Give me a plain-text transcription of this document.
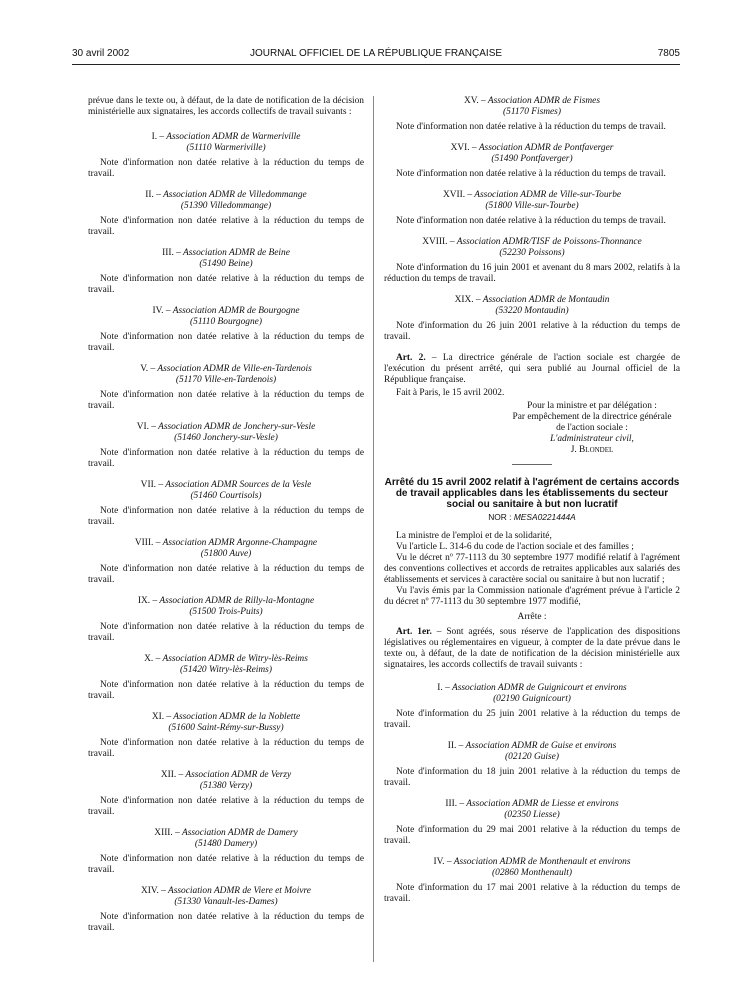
30 avril 2002	JOURNAL OFFICIEL DE LA RÉPUBLIQUE FRANÇAISE	7805

prévue dans le texte ou, à défaut, de la date de notification de la décision ministérielle aux signataires, les accords collectifs de travail suivants :

I. – Association ADMR de Warmeriville

(51110 Warmeriville)

Note d'information non datée relative à la réduction du temps de travail.

II. – Association ADMR de Villedommange

(51390 Villedommange)

Note d'information non datée relative à la réduction du temps de travail.

III. – Association ADMR de Beine

(51490 Beine)

Note d'information non datée relative à la réduction du temps de travail.

IV. – Association ADMR de Bourgogne

(51110 Bourgogne)

Note d'information non datée relative à la réduction du temps de travail.

V. – Association ADMR de Ville-en-Tardenois

(51170 Ville-en-Tardenois)

Note d'information non datée relative à la réduction du temps de travail.

VI. – Association ADMR de Jonchery-sur-Vesle

(51460 Jonchery-sur-Vesle)

Note d'information non datée relative à la réduction du temps de travail.

VII. – Association ADMR Sources de la Vesle

(51460 Courtisols)

Note d'information non datée relative à la réduction du temps de travail.

VIII. – Association ADMR Argonne-Champagne

(51800 Auve)

Note d'information non datée relative à la réduction du temps de travail.

IX. – Association ADMR de Rilly-la-Montagne

(51500 Trois-Puits)

Note d'information non datée relative à la réduction du temps de travail.

X. – Association ADMR de Witry-lès-Reims

(51420 Witry-lès-Reims)

Note d'information non datée relative à la réduction du temps de travail.

XI. – Association ADMR de la Noblette

(51600 Saint-Rémy-sur-Bussy)

Note d'information non datée relative à la réduction du temps de travail.

XII. – Association ADMR de Verzy

(51380 Verzy)

Note d'information non datée relative à la réduction du temps de travail.

XIII. – Association ADMR de Damery

(51480 Damery)

Note d'information non datée relative à la réduction du temps de travail.

XIV. – Association ADMR de Viere et Moivre

(51330 Vanault-les-Dames)

Note d'information non datée relative à la réduction du temps de travail.

XV. – Association ADMR de Fismes

(51170 Fismes)

Note d'information non datée relative à la réduction du temps de travail.

XVI. – Association ADMR de Pontfaverger

(51490 Pontfaverger)

Note d'information non datée relative à la réduction du temps de travail.

XVII. – Association ADMR de Ville-sur-Tourbe

(51800 Ville-sur-Tourbe)

Note d'information non datée relative à la réduction du temps de travail.

XVIII. – Association ADMR/TISF de Poissons-Thonnance

(52230 Poissons)

Note d'information du 16 juin 2001 et avenant du 8 mars 2002, relatifs à la réduction du temps de travail.

XIX. – Association ADMR de Montaudin

(53220 Montaudin)

Note d'information du 26 juin 2001 relative à la réduction du temps de travail.

Art. 2. – La directrice générale de l'action sociale est chargée de l'exécution du présent arrêté, qui sera publié au Journal officiel de la République française.

Fait à Paris, le 15 avril 2002.

Pour la ministre et par délégation :

Par empêchement de la directrice générale

de l'action sociale :

L'administrateur civil,

J. Blondel

Arrêté du 15 avril 2002 relatif à l'agrément de certains accords de travail applicables dans les établissements du secteur social ou sanitaire à but non lucratif

NOR : MESA0221444A

La ministre de l'emploi et de la solidarité,

Vu l'article L. 314-6 du code de l'action sociale et des familles ;

Vu le décret nº 77-1113 du 30 septembre 1977 modifié relatif à l'agrément des conventions collectives et accords de retraites applicables aux salariés des établissements et services à caractère social ou sanitaire à but non lucratif ;

Vu l'avis émis par la Commission nationale d'agrément prévue à l'article 2 du décret nº 77-1113 du 30 septembre 1977 modifié,

Arrête :

Art. 1er. – Sont agréés, sous réserve de l'application des dispositions législatives ou réglementaires en vigueur, à compter de la date prévue dans le texte ou, à défaut, de la date de notification de la décision ministérielle aux signataires, les accords collectifs de travail suivants :

I. – Association ADMR de Guignicourt et environs

(02190 Guignicourt)

Note d'information du 25 juin 2001 relative à la réduction du temps de travail.

II. – Association ADMR de Guise et environs

(02120 Guise)

Note d'information du 18 juin 2001 relative à la réduction du temps de travail.

III. – Association ADMR de Liesse et environs

(02350 Liesse)

Note d'information du 29 mai 2001 relative à la réduction du temps de travail.

IV. – Association ADMR de Monthenault et environs

(02860 Monthenault)

Note d'information du 17 mai 2001 relative à la réduction du temps de travail.
